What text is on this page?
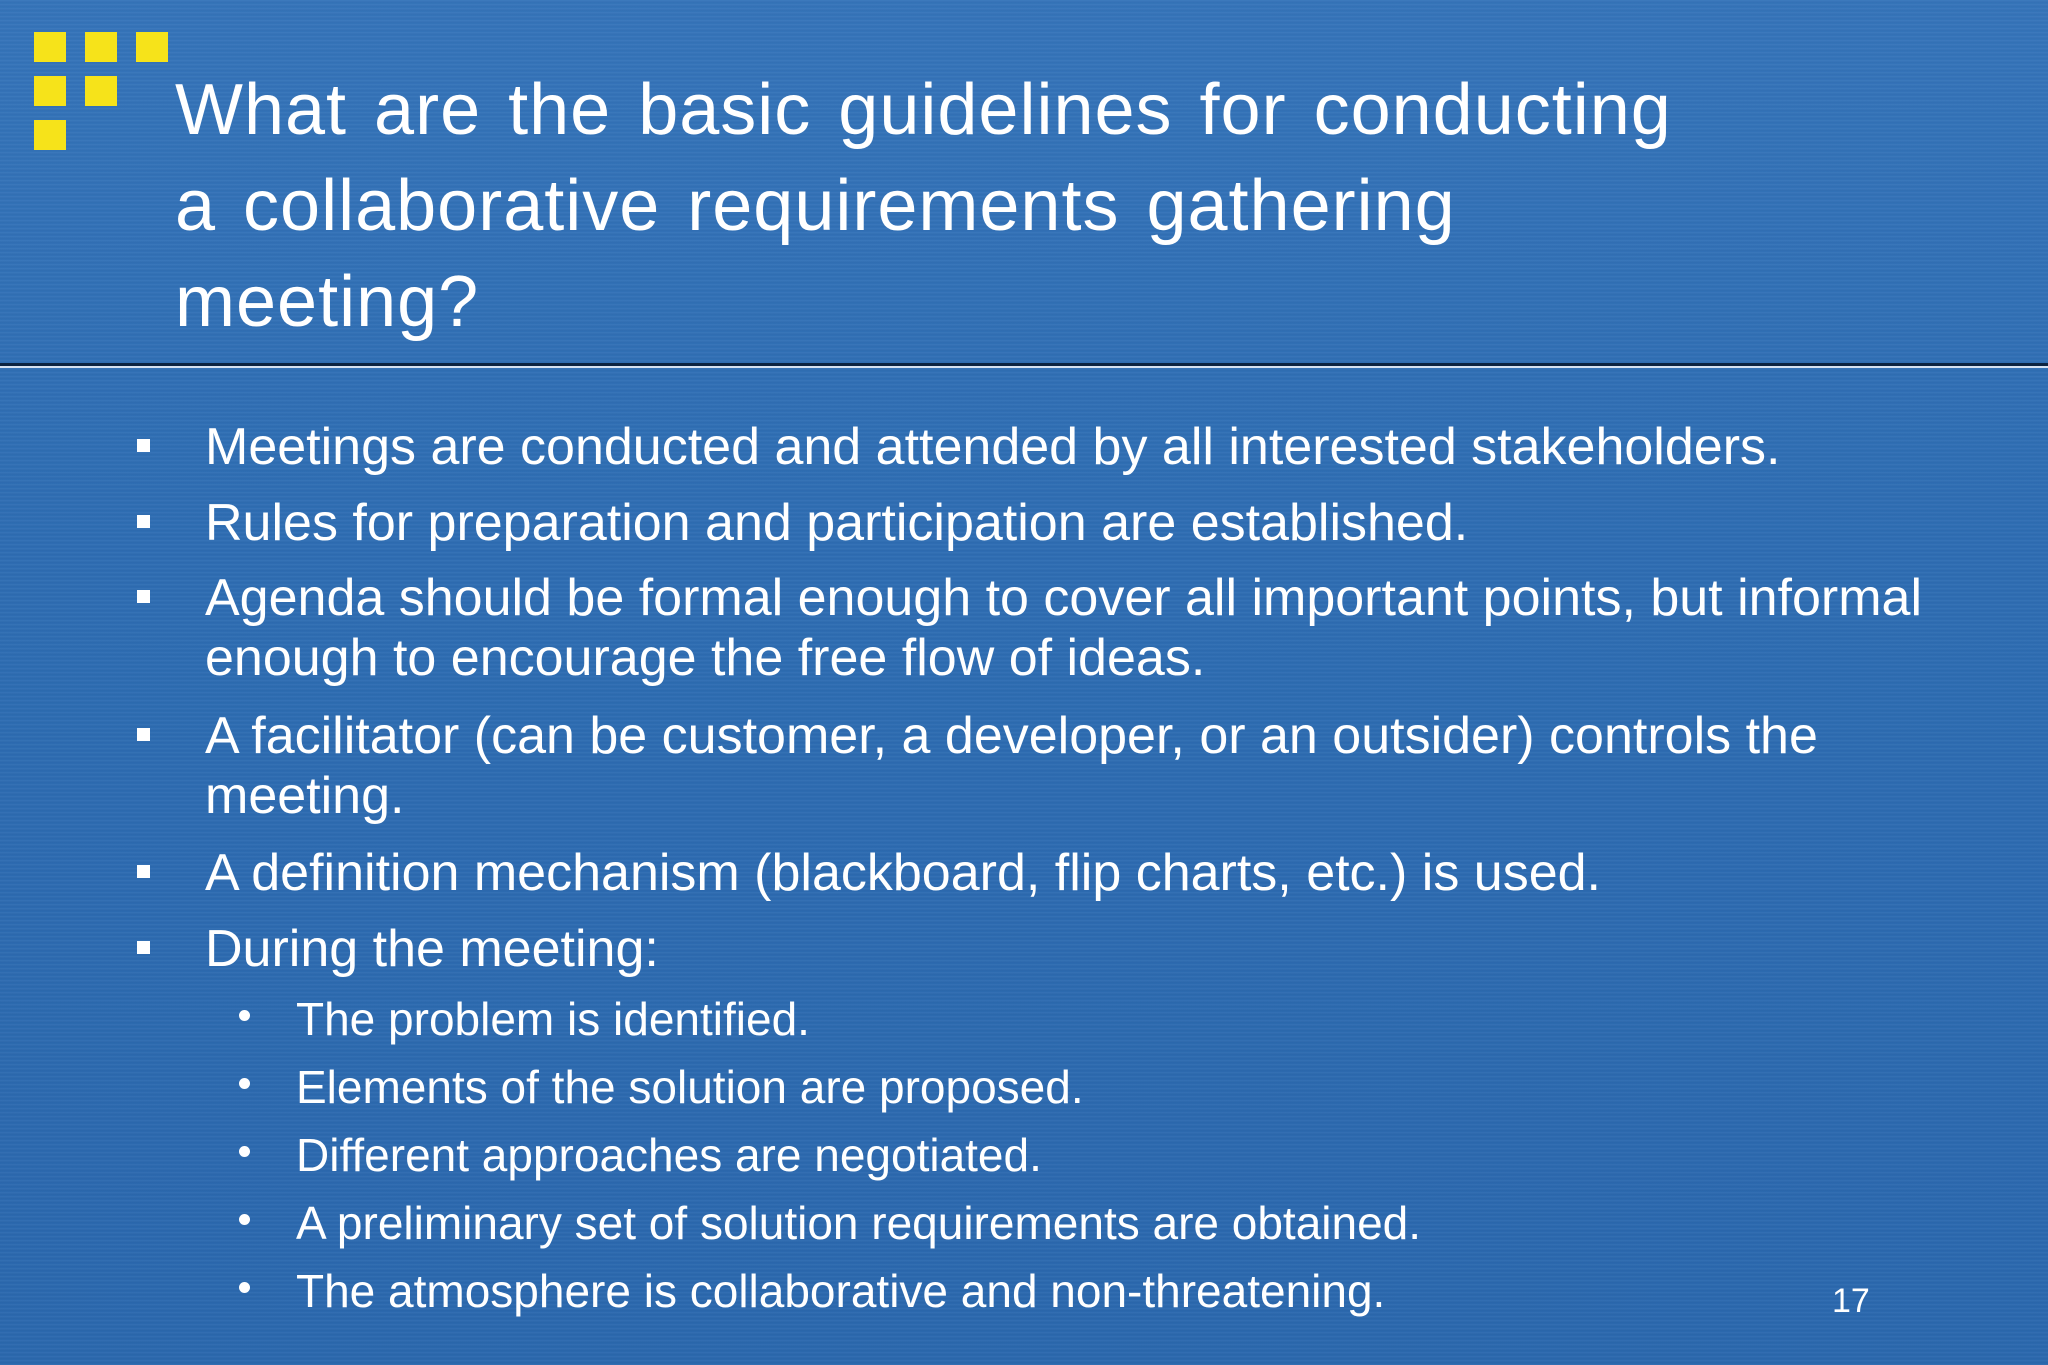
What are the basic guidelines for conducting
a collaborative requirements gathering
meeting?
Meetings are conducted and attended by all interested stakeholders.
Rules for preparation and participation are established.
Agenda should be formal enough to cover all important points, but informal enough to encourage the free flow of ideas.
A facilitator (can be customer, a developer, or an outsider) controls the meeting.
A definition mechanism (blackboard, flip charts, etc.) is used.
During the meeting:
The problem is identified.
Elements of the solution are proposed.
Different approaches are negotiated.
A preliminary set of solution requirements are obtained.
The atmosphere is collaborative and non-threatening.	17
